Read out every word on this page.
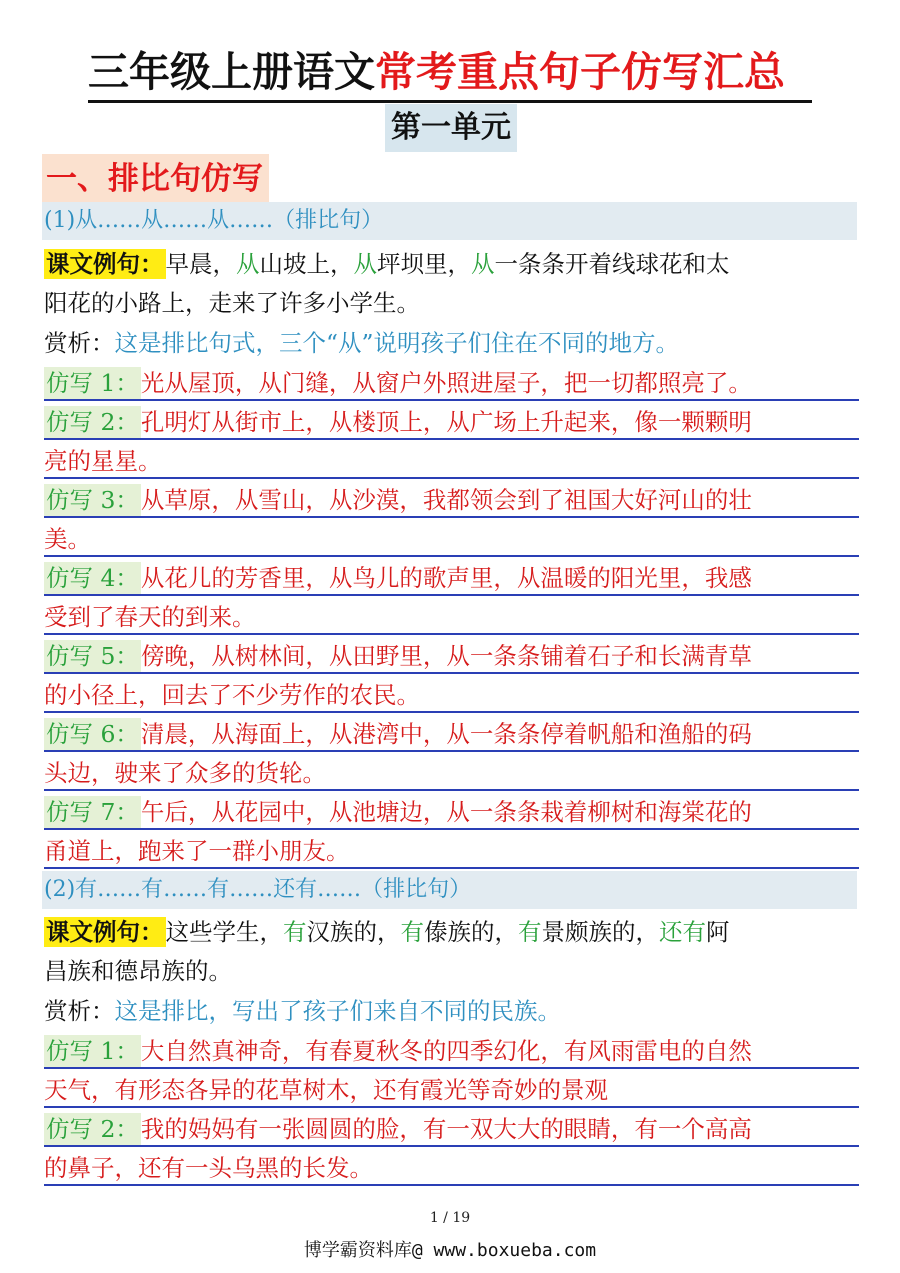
三年级上册语文常考重点句子仿写汇总
第一单元
一、排比句仿写
(1)从……从……从……（排比句）
课文例句：早晨，从山坡上，从坪坝里，从一条条开着线球花和太
阳花的小路上，走来了许多小学生。
赏析：这是排比句式，三个“从”说明孩子们住在不同的地方。
仿写 1：光从屋顶，从门缝，从窗户外照进屋子，把一切都照亮了。
仿写 2：孔明灯从街市上，从楼顶上，从广场上升起来，像一颗颗明
亮的星星。
仿写 3：从草原，从雪山，从沙漠，我都领会到了祖国大好河山的壮
美。
仿写 4：从花儿的芳香里，从鸟儿的歌声里，从温暖的阳光里，我感
受到了春天的到来。
仿写 5：傍晚，从树林间，从田野里，从一条条铺着石子和长满青草
的小径上，回去了不少劳作的农民。
仿写 6：清晨，从海面上，从港湾中，从一条条停着帆船和渔船的码
头边，驶来了众多的货轮。
仿写 7：午后，从花园中，从池塘边，从一条条栽着柳树和海棠花的
甬道上，跑来了一群小朋友。
(2)有……有……有……还有……（排比句）
课文例句：这些学生，有汉族的，有傣族的，有景颇族的，还有阿
昌族和德昂族的。
赏析：这是排比，写出了孩子们来自不同的民族。
仿写 1：大自然真神奇，有春夏秋冬的四季幻化，有风雨雷电的自然
天气，有形态各异的花草树木，还有霞光等奇妙的景观
仿写 2：我的妈妈有一张圆圆的脸，有一双大大的眼睛，有一个高高
的鼻子，还有一头乌黑的长发。
1 / 19
博学霸资料库@ www.boxueba.com
